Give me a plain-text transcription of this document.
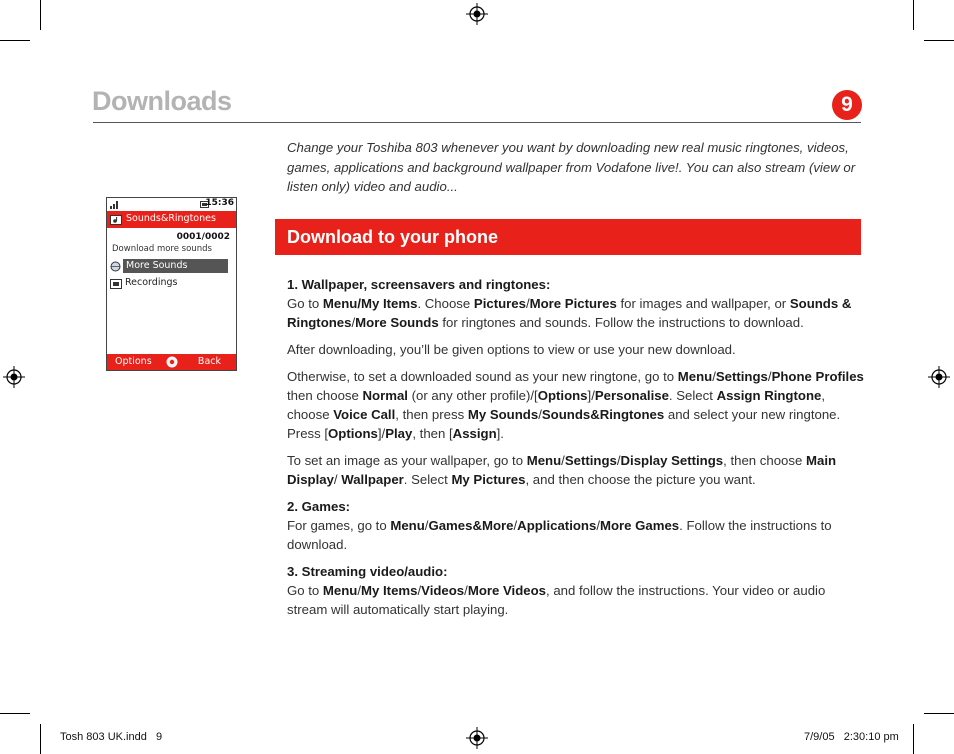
Downloads	9
Change your Toshiba 803 whenever you want by downloading new real music ringtones, videos, games, applications and background wallpaper from Vodafone live!. You can also stream (view or listen only) video and audio...
15:36
Sounds&Ringtones
0001/0002
Download more sounds
More Sounds
Recordings
Options	Back
Download to your phone

1. Wallpaper, screensavers and ringtones:

Go to Menu/My Items. Choose Pictures/More Pictures for images and wallpaper, or Sounds & Ringtones/More Sounds for ringtones and sounds. Follow the instructions to download.

After downloading, you’ll be given options to view or use your new download.

Otherwise, to set a downloaded sound as your new ringtone, go to Menu/Settings/Phone Profiles then choose Normal (or any other profile)/[Options]/Personalise. Select Assign Ringtone, choose Voice Call, then press My Sounds/Sounds&Ringtones and select your new ringtone. Press [Options]/Play, then [Assign].

To set an image as your wallpaper, go to Menu/Settings/Display Settings, then choose Main Display/ Wallpaper. Select My Pictures, and then choose the picture you want.

2. Games:

For games, go to Menu/Games&More/Applications/More Games. Follow the instructions to download.

3. Streaming video/audio:

Go to Menu/My Items/Videos/More Videos, and follow the instructions. Your video or audio stream will automatically start playing.

Tosh 803 UK.indd   9	7/9/05   2:30:10 pm
